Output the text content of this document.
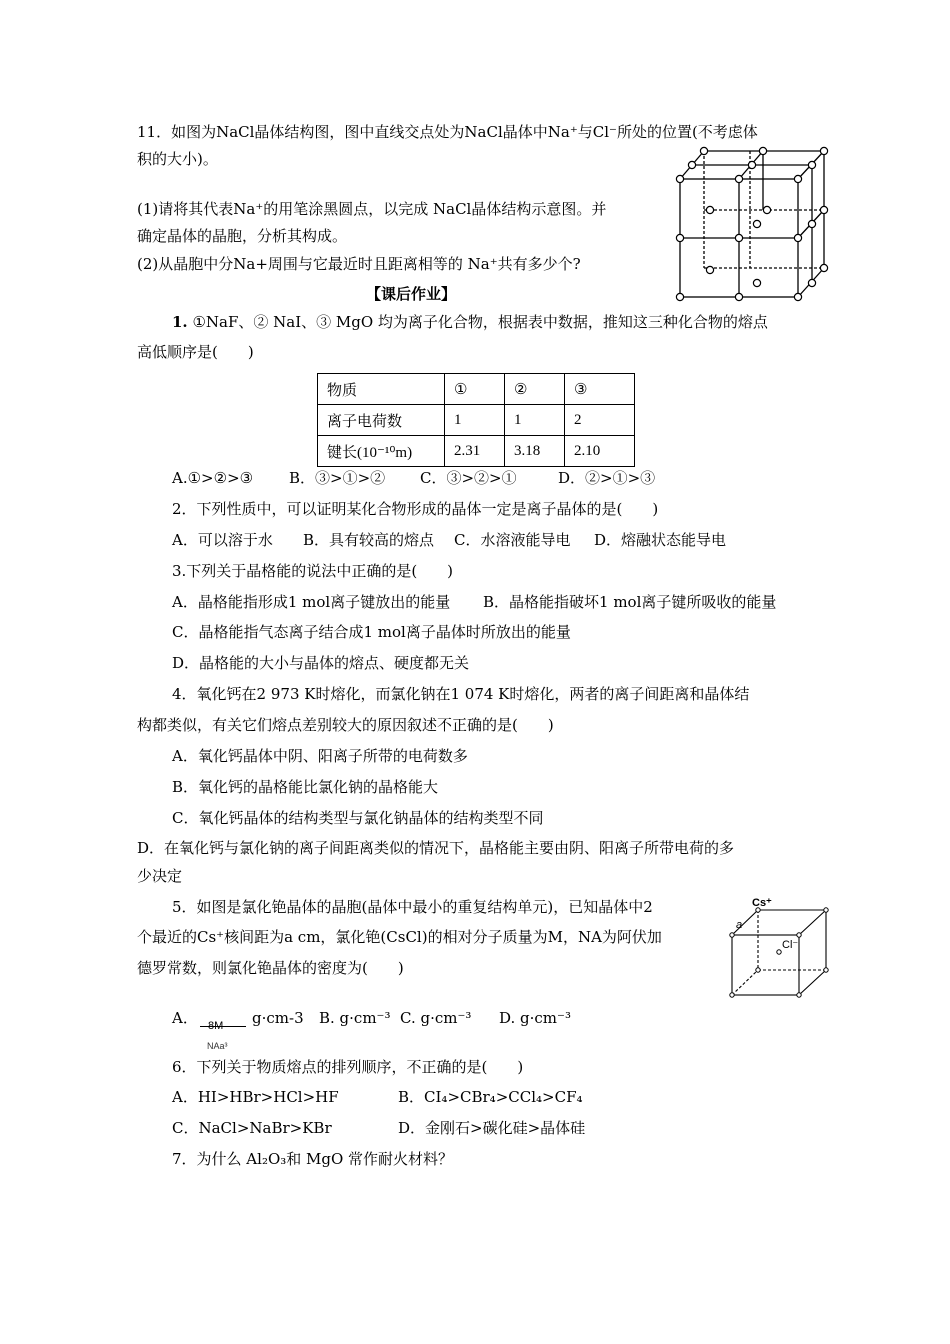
11．如图为NaCl晶体结构图，图中直线交点处为NaCl晶体中Na⁺与Cl⁻所处的位置(不考虑体
积的大小)。
(1)请将其代表Na⁺的用笔涂黑圆点，以完成 NaCl晶体结构示意图。并
确定晶体的晶胞，分析其构成。
(2)从晶胞中分Na+周围与它最近时且距离相等的 Na⁺共有多少个?
【课后作业】
1. ①NaF、② NaI、③ MgO 均为离子化合物，根据表中数据，推知这三种化合物的熔点
高低顺序是(　　)
物质	①	②	③
离子电荷数	1	1	2
键长(10⁻¹⁰m)	2.31	3.18	2.10
A.①>②>③ B．③>①>② C．③>②>①	D．②>①>③
2．下列性质中，可以证明某化合物形成的晶体一定是离子晶体的是(　　)
A．可以溶于水 B．具有较高的熔点 C．水溶液能导电 D．熔融状态能导电
3.下列关于晶格能的说法中正确的是(　　)
A．晶格能指形成1 mol离子键放出的能量 B．晶格能指破坏1 mol离子键所吸收的能量
C．晶格能指气态离子结合成1 mol离子晶体时所放出的能量
D．晶格能的大小与晶体的熔点、硬度都无关
4．氧化钙在2 973 K时熔化，而氯化钠在1 074 K时熔化，两者的离子间距离和晶体结
构都类似，有关它们熔点差别较大的原因叙述不正确的是(　　)
A．氧化钙晶体中阴、阳离子所带的电荷数多
B．氧化钙的晶格能比氯化钠的晶格能大
C．氧化钙晶体的结构类型与氯化钠晶体的结构类型不同
D．在氧化钙与氯化钠的离子间距离类似的情况下，晶格能主要由阴、阳离子所带电荷的多
少决定
5．如图是氯化铯晶体的晶胞(晶体中最小的重复结构单元)，已知晶体中2
个最近的Cs⁺核间距为a cm，氯化铯(CsCl)的相对分子质量为M，NA为阿伏加
德罗常数，则氯化铯晶体的密度为(　　)
Cs⁺
Cl⁻
a
A． 8M
NAa³
g·cm-3 B. g·cm⁻³ C. g·cm⁻³ D. g·cm⁻³
6．下列关于物质熔点的排列顺序，不正确的是(　　)
A．HI>HBr>HCl>HF	B．CI₄>CBr₄>CCl₄>CF₄
C．NaCl>NaBr>KBr	D．金刚石>碳化硅>晶体硅
7．为什么 Al₂O₃和 MgO 常作耐火材料？
